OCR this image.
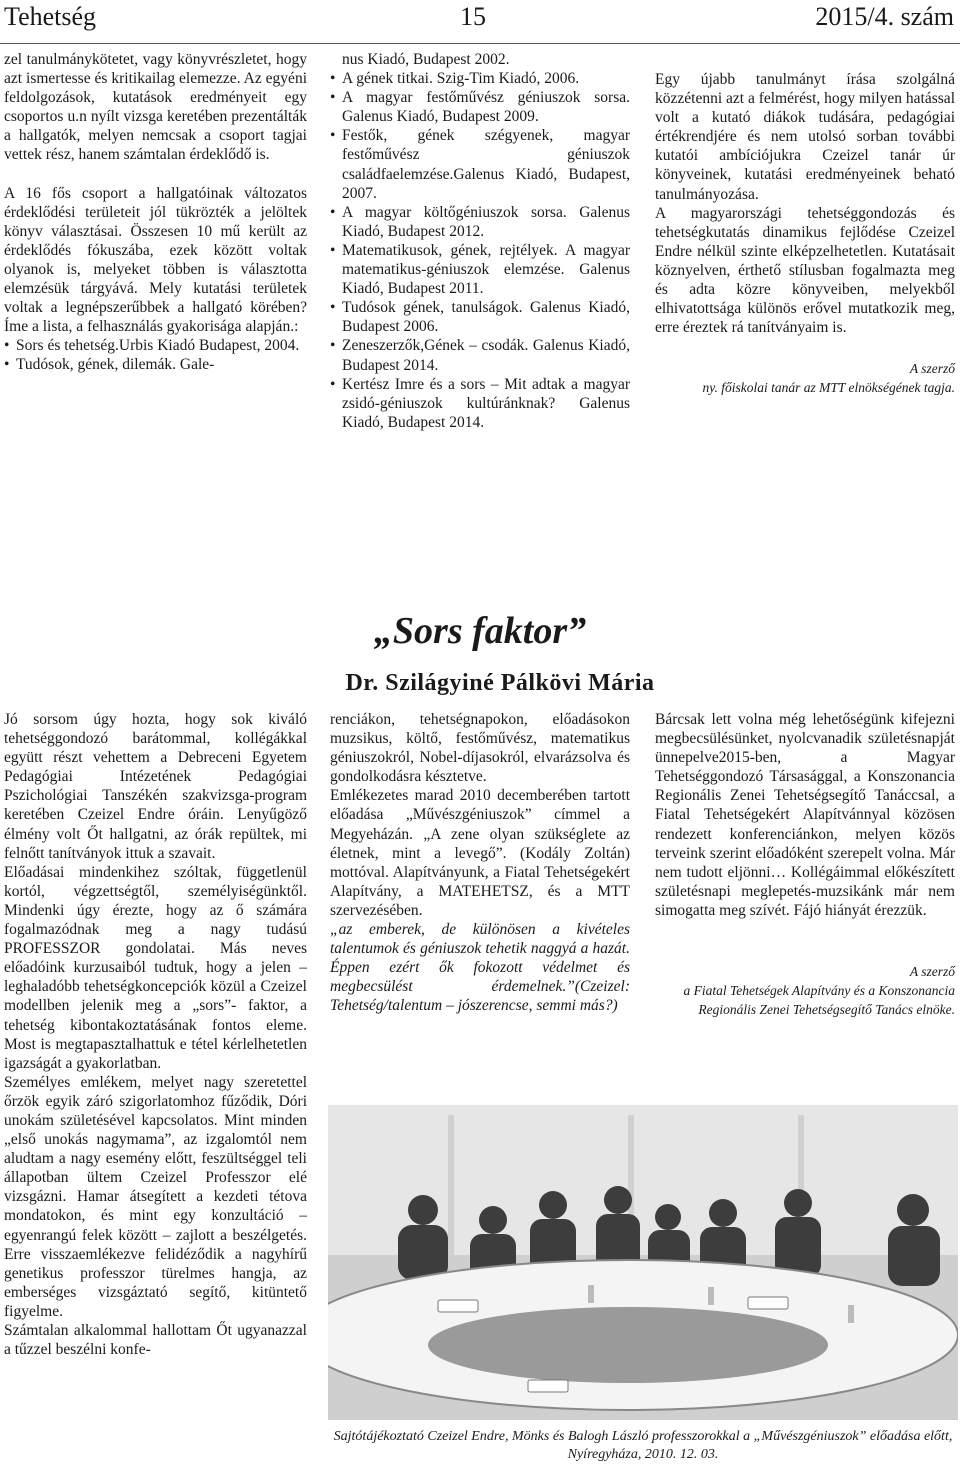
Tehetség	15	2015/4. szám

zel tanulmánykötetet, vagy könyvrészletet, hogy azt ismertesse és kritikailag elemezze. Az egyéni feldolgozások, kutatások eredményeit egy csoportos u.n nyílt vizsga keretében prezentálták a hallgatók, melyen nemcsak a csoport tagjai vettek rész, hanem számtalan érdeklődő is.

A 16 fős csoport a hallgatóinak változatos érdeklődési területeit jól tükrözték a jelöltek könyv választásai. Összesen 10 mű került az érdeklődés fókuszába, ezek között voltak olyanok is, melyeket többen is választotta elemzésük tárgyává. Mely kutatási területek voltak a legnépszerűbbek a hallgató körében? Íme a lista, a felhasználás gyakorisága alapján.:

• Sors és tehetség.Urbis Kiadó Budapest, 2004.
• Tudósok, gének, dilemák. Gale-
nus Kiadó, Budapest 2002.
• A gének titkai. Szig-Tim Kiadó, 2006.
• A magyar festőművész géniuszok sorsa. Galenus Kiadó, Budapest 2009.
• Festők, gének szégyenek, magyar festőművész géniuszok családfaelemzése.Galenus Kiadó, Budapest, 2007.
• A magyar költőgéniuszok sorsa. Galenus Kiadó, Budapest 2012.
• Matematikusok, gének, rejtélyek. A magyar matematikus-géniuszok elemzése. Galenus Kiadó, Budapest 2011.
• Tudósok gének, tanulságok. Galenus Kiadó, Budapest 2006.
• Zeneszerzők,Gének – csodák. Galenus Kiadó, Budapest 2014.
• Kertész Imre és a sors – Mit adtak a magyar zsidó-géniuszok kultúránknak? Galenus Kiadó, Budapest 2014.

Egy újabb tanulmányt írása szolgálná közzétenni azt a felmérést, hogy milyen hatással volt a kutató diákok tudására, pedagógiai értékrendjére és nem utolsó sorban további kutatói ambíciójukra Czeizel tanár úr könyveinek, kutatási eredményeinek beható tanulmányozása.

A magyarországi tehetséggondozás és tehetségkutatás dinamikus fejlődése Czeizel Endre nélkül szinte elképzelhetetlen. Kutatásait köznyelven, érthető stílusban fogalmazta meg és adta közre könyveiben, melyekből elhivatottsága különös erővel mutatkozik meg, erre éreztek rá tanítványaim is.

A szerző
ny. főiskolai tanár az MTT elnökségének tagja.
„Sors faktor”
Dr. Szilágyiné Pálkövi Mária

Jó sorsom úgy hozta, hogy sok kiváló tehetséggondozó barátommal, kollégákkal együtt részt vehettem a Debreceni Egyetem Pedagógiai Intézetének Pedagógiai Pszichológiai Tanszékén szakvizsga-program keretében Czeizel Endre óráin. Lenyűgöző élmény volt Őt hallgatni, az órák repültek, mi felnőtt tanítványok ittuk a szavait.

Előadásai mindenkihez szóltak, függetlenül kortól, végzettségtől, személyiségünktől. Mindenki úgy érezte, hogy az ő számára fogalmazódnak meg a nagy tudású PROFESSZOR gondolatai. Más neves előadóink kurzusaiból tudtuk, hogy a jelen – leghaladóbb tehetségkoncepciók közül a Czeizel modellben jelenik meg a „sors”- faktor, a tehetség kibontakoztatásának fontos eleme. Most is megtapasztalhattuk e tétel kérlelhetetlen igazságát a gyakorlatban.

Személyes emlékem, melyet nagy szeretettel őrzök egyik záró szigorlatomhoz fűződik, Dóri unokám születésével kapcsolatos. Mint minden „első unokás nagymama”, az izgalomtól nem aludtam a nagy esemény előtt, feszültséggel teli állapotban ültem Czeizel Professzor elé vizsgázni. Hamar átsegített a kezdeti tétova mondatokon, és mint egy konzultáció – egyenrangú felek között – zajlott a beszélgetés. Erre visszaemlékezve felidéződik a nagyhírű genetikus professzor türelmes hangja, az emberséges vizsgáztató segítő, kitüntető figyelme.

Számtalan alkalommal hallottam Őt ugyanazzal a tűzzel beszélni konfe-

renciákon, tehetségnapokon, előadásokon muzsikus, költő, festőművész, matematikus géniuszokról, Nobel-díjasokról, elvarázsolva és gondolkodásra késztetve.

Emlékezetes marad 2010 decemberében tartott előadása „Művészgéniuszok” címmel a Megyeházán. „A zene olyan szükséglete az életnek, mint a levegő”. (Kodály Zoltán) mottóval. Alapítványunk, a Fiatal Tehetségekért Alapítvány, a MATEHETSZ, és a MTT szervezésében.

„az emberek, de különösen a kivételes talentumok és géniuszok tehetik naggyá a hazát. Éppen ezért ők fokozott védelmet és megbecsülést érdemelnek.”(Czeizel: Tehetség/talentum – jószerencse, semmi más?)

Bárcsak lett volna még lehetőségünk kifejezni megbecsülésünket, nyolcvanadik születésnapját ünnepelve2015-ben, a Magyar Tehetséggondozó Társasággal, a Konszonancia Regionális Zenei Tehetségsegítő Tanáccsal, a Fiatal Tehetségekért Alapítvánnyal közösen rendezett konferenciánkon, melyen közös terveink szerint előadóként szerepelt volna. Már nem tudott eljönni… Kollégáimmal előkészített születésnapi meglepetés-muzsikánk már nem simogatta meg szívét. Fájó hiányát érezzük.

A szerző
a Fiatal Tehetségek Alapítvány és a Konszonancia Regionális Zenei Tehetségsegítő Tanács elnöke.
Sajtótájékoztató Czeizel Endre, Mönks és Balogh László professzorokkal a „Művészgéniuszok” előadása előtt, Nyíregyháza, 2010. 12. 03.
